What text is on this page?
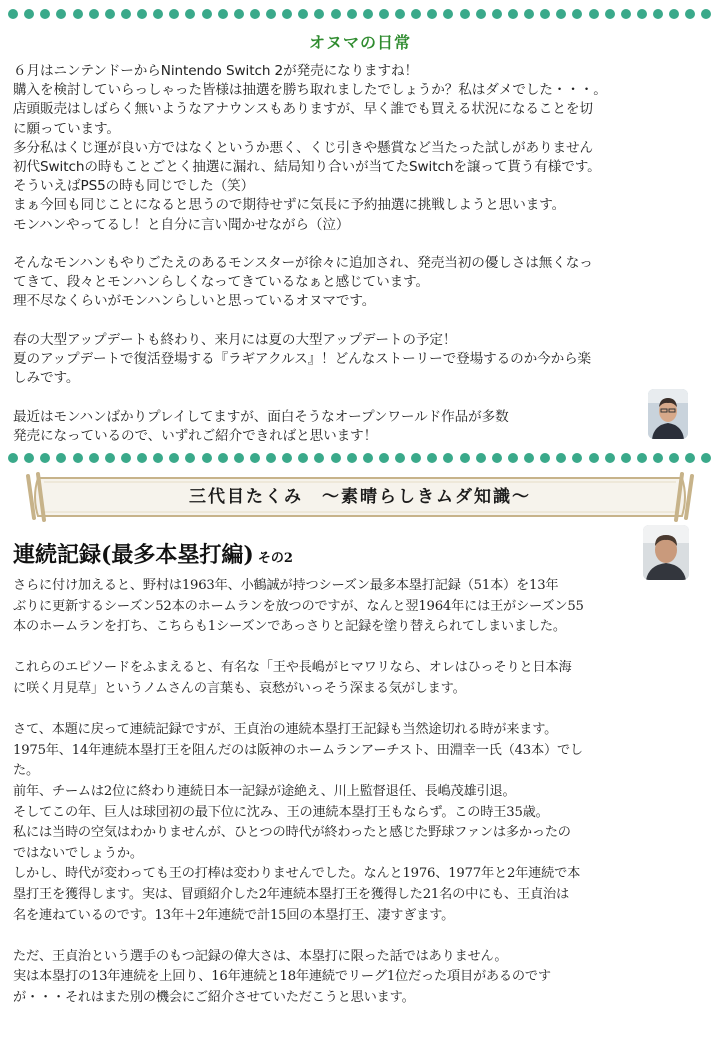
オヌマの日常

６月はニンテンドーからNintendo Switch 2が発売になりますね！

購入を検討していらっしゃった皆様は抽選を勝ち取れましたでしょうか？私はダメでした・・・。

店頭販売はしばらく無いようなアナウンスもありますが、早く誰でも買える状況になることを切

に願っています。

多分私はくじ運が良い方ではなくというか悪く、くじ引きや懸賞など当たった試しがありません

初代Switchの時もことごとく抽選に漏れ、結局知り合いが当てたSwitchを譲って貰う有様です。

そういえばPS5の時も同じでした（笑）

まぁ今回も同じことになると思うので期待せずに気長に予約抽選に挑戦しようと思います。

モンハンやってるし！と自分に言い聞かせながら（泣）

そんなモンハンもやりごたえのあるモンスターが徐々に追加され、発売当初の優しさは無くなっ

てきて、段々とモンハンらしくなってきているなぁと感じています。

理不尽なくらいがモンハンらしいと思っているオヌマです。

春の大型アップデートも終わり、来月には夏の大型アップデートの予定！

夏のアップデートで復活登場する『ラギアクルス』！どんなストーリーで登場するのか今から楽

しみです。

最近はモンハンばかりプレイしてますが、面白そうなオープンワールド作品が多数

発売になっているので、いずれご紹介できればと思います！

三代目たくみ　～素晴らしきムダ知識～
連続記録(最多本塁打編) その2

さらに付け加えると、野村は1963年、小鶴誠が持つシーズン最多本塁打記録（51本）を13年

ぶりに更新するシーズン52本のホームランを放つのですが、なんと翌1964年には王がシーズン55

本のホームランを打ち、こちらも1シーズンであっさりと記録を塗り替えられてしまいました。

これらのエピソードをふまえると、有名な「王や長嶋がヒマワリなら、オレはひっそりと日本海

に咲く月見草」というノムさんの言葉も、哀愁がいっそう深まる気がします。

さて、本題に戻って連続記録ですが、王貞治の連続本塁打王記録も当然途切れる時が来ます。

1975年、14年連続本塁打王を阻んだのは阪神のホームランアーチスト、田淵幸一氏（43本）でし

た。

前年、チームは2位に終わり連続日本一記録が途絶え、川上監督退任、長嶋茂雄引退。

そしてこの年、巨人は球団初の最下位に沈み、王の連続本塁打王もならず。この時王35歳。

私には当時の空気はわかりませんが、ひとつの時代が終わったと感じた野球ファンは多かったの

ではないでしょうか。

しかし、時代が変わっても王の打棒は変わりませんでした。なんと1976、1977年と2年連続で本

塁打王を獲得します。実は、冒頭紹介した2年連続本塁打王を獲得した21名の中にも、王貞治は

名を連ねているのです。13年＋2年連続で計15回の本塁打王、凄すぎます。

ただ、王貞治という選手のもつ記録の偉大さは、本塁打に限った話ではありません。

実は本塁打の13年連続を上回り、16年連続と18年連続でリーグ1位だった項目があるのです

が・・・それはまた別の機会にご紹介させていただこうと思います。
